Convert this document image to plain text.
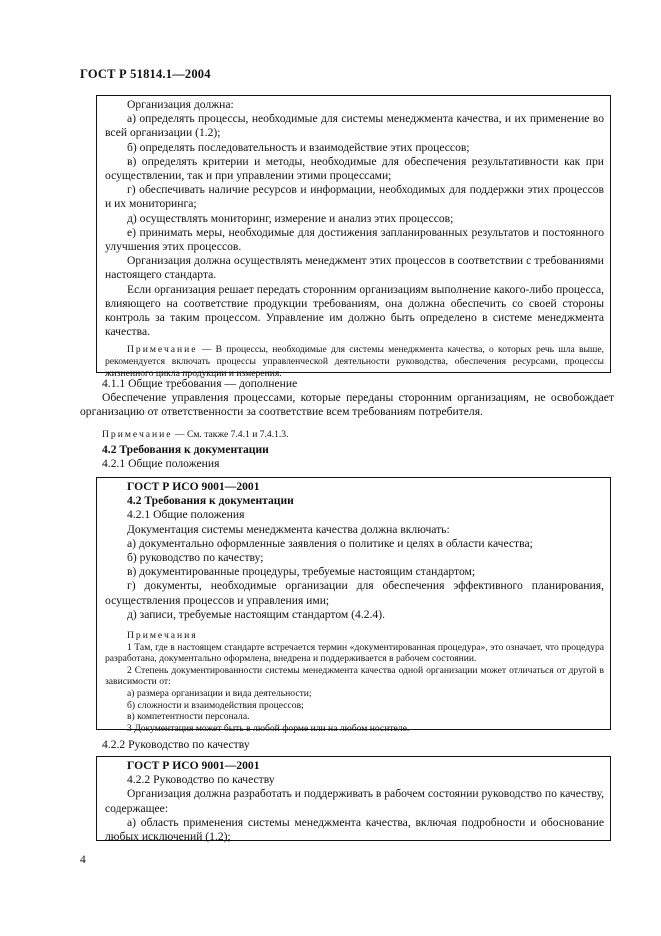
ГОСТ Р 51814.1—2004

Организация должна:

а) определять процессы, необходимые для системы менеджмента качества, и их применение во всей организации (1.2);

б) определять последовательность и взаимодействие этих процессов;

в) определять критерии и методы, необходимые для обеспечения результативности как при осуществлении, так и при управлении этими процессами;

г) обеспечивать наличие ресурсов и информации, необходимых для поддержки этих процессов и их мониторинга;

д) осуществлять мониторинг, измерение и анализ этих процессов;

е) принимать меры, необходимые для достижения запланированных результатов и постоянного улучшения этих процессов.

Организация должна осуществлять менеджмент этих процессов в соответствии с требованиями настоящего стандарта.

Если организация решает передать сторонним организациям выполнение какого-либо процесса, влияющего на соответствие продукции требованиям, она должна обеспечить со своей стороны контроль за таким процессом. Управление им должно быть определено в системе менеджмента качества.

Примечание — В процессы, необходимые для системы менеджмента качества, о которых речь шла выше, рекомендуется включать процессы управленческой деятельности руководства, обеспечения ресурсами, процессы жизненного цикла продукции и измерения.

4.1.1 Общие требования — дополнение

Обеспечение управления процессами, которые переданы сторонним организациям, не освобождает организацию от ответственности за соответствие всем требованиям потребителя.

Примечание — См. также 7.4.1 и 7.4.1.3.

4.2 Требования к документации

4.2.1 Общие положения

ГОСТ Р ИСО 9001—2001

4.2 Требования к документации

4.2.1 Общие положения

Документация системы менеджмента качества должна включать:

а) документально оформленные заявления о политике и целях в области качества;

б) руководство по качеству;

в) документированные процедуры, требуемые настоящим стандартом;

г) документы, необходимые организации для обеспечения эффективного планирования, осуществления процессов и управления ими;

д) записи, требуемые настоящим стандартом (4.2.4).

Примечания

1 Там, где в настоящем стандарте встречается термин «документированная процедура», это означает, что процедура разработана, документально оформлена, внедрена и поддерживается в рабочем состоянии.

2 Степень документированности системы менеджмента качества одной организации может отличаться от другой в зависимости от:

а) размера организации и вида деятельности;

б) сложности и взаимодействия процессов;

в) компетентности персонала.

3 Документация может быть в любой форме или на любом носителе.

4.2.2 Руководство по качеству

ГОСТ Р ИСО 9001—2001

4.2.2 Руководство по качеству

Организация должна разработать и поддерживать в рабочем состоянии руководство по качеству, содержащее:

а) область применения системы менеджмента качества, включая подробности и обоснование любых исключений (1.2);

4
